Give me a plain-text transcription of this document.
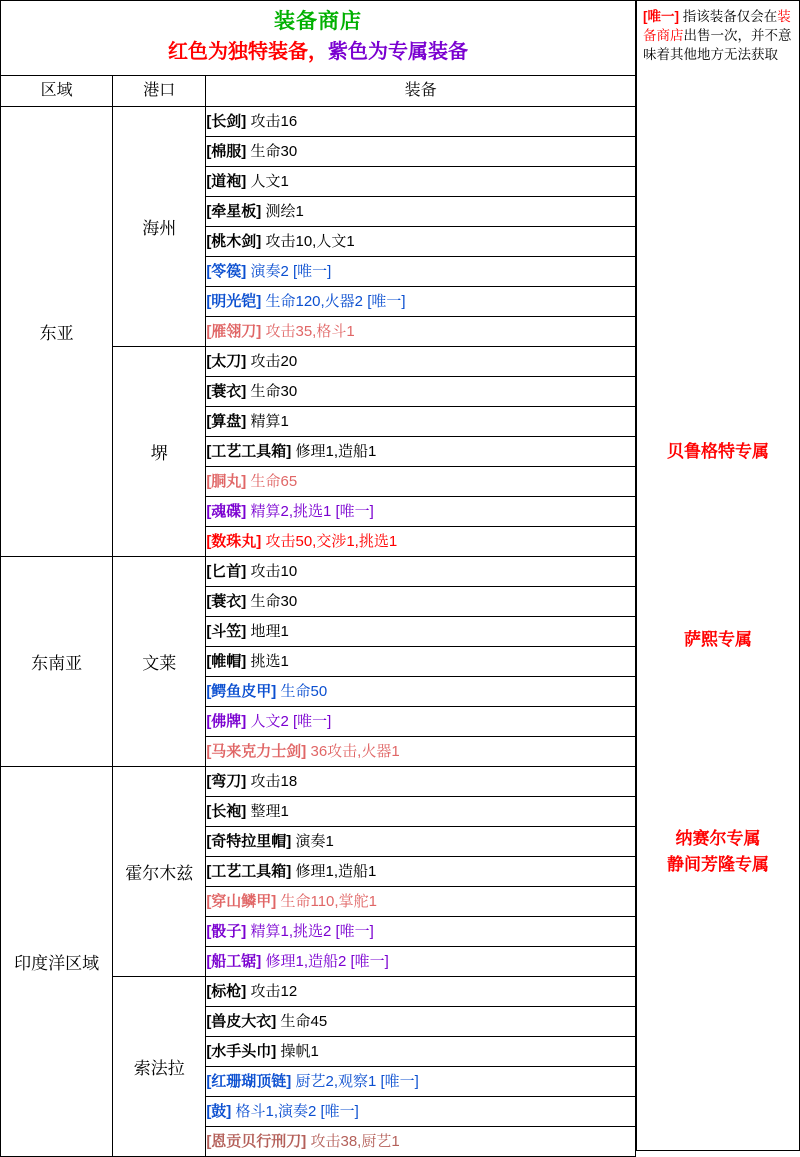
装备商店
红色为独特装备，紫色为专属装备
区域	港口	装备
东亚	海州	[长剑] 攻击16
		[棉服] 生命30
		[道袍] 人文1
		[牵星板] 测绘1
		[桃木剑] 攻击10,人文1
		[笭篌] 演奏2 [唯一]
		[明光铠] 生命120,火器2 [唯一]
		[雁翎刀] 攻击35,格斗1
	堺	[太刀] 攻击20
		[蓑衣] 生命30
		[算盘] 精算1
		[工艺工具箱] 修理1,造船1
		[胴丸] 生命65
		[魂碟] 精算2,挑选1 [唯一]
		[数珠丸] 攻击50,交涉1,挑选1
东南亚	文莱	[匕首] 攻击10
		[蓑衣] 生命30
		[斗笠] 地理1
		[帷帽] 挑选1
		[鳄鱼皮甲] 生命50
		[佛牌] 人文2 [唯一]
		[马来克力士剑] 36攻击,火器1
印度洋区域	霍尔木兹	[弯刀] 攻击18
		[长袍] 整理1
		[奇特拉里帽] 演奏1
		[工艺工具箱] 修理1,造船1
		[穿山鳞甲] 生命110,掌舵1
		[骰子] 精算1,挑选2 [唯一]
		[船工锯] 修理1,造船2 [唯一]
	索法拉	[标枪] 攻击12
		[兽皮大衣] 生命45
		[水手头巾] 操帆1
		[红珊瑚顶链] 厨艺2,观察1 [唯一]
		[鼓] 格斗1,演奏2 [唯一]
		[恩贡贝行刑刀] 攻击38,厨艺1
[唯一] 指该装备仅会在装备商店出售一次，并不意味着其他地方无法获取
贝鲁格特专属
萨熙专属
纳赛尔专属
静间芳隆专属
